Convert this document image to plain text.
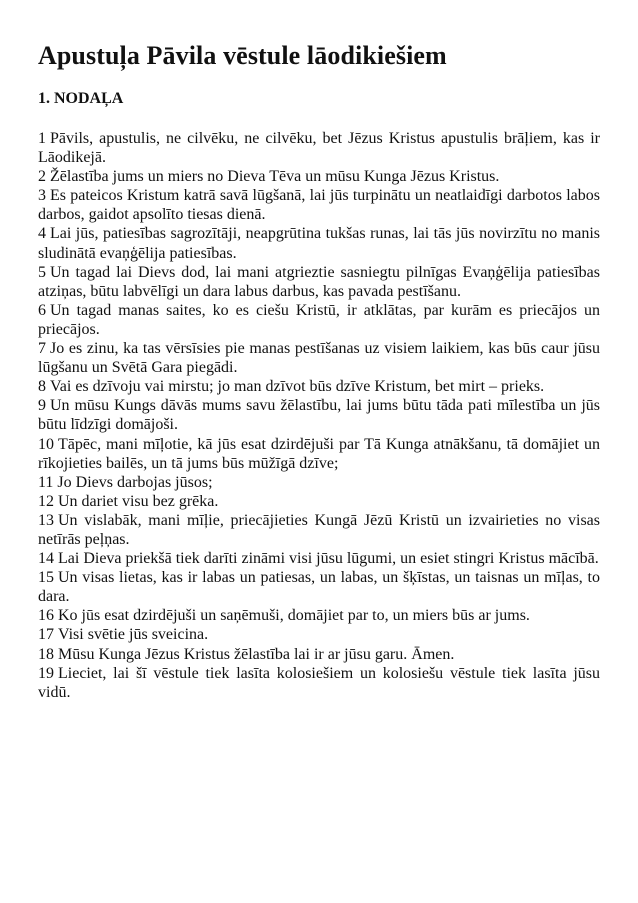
Apustuļa Pāvila vēstule lāodikiešiem
1. NODAĻA

1 Pāvils, apustulis, ne cilvēku, ne cilvēku, bet Jēzus Kristus apustulis brāļiem, kas ir Lāodikejā.

2 Žēlastība jums un miers no Dieva Tēva un mūsu Kunga Jēzus Kristus.

3 Es pateicos Kristum katrā savā lūgšanā, lai jūs turpinātu un neatlaidīgi darbotos labos darbos, gaidot apsolīto tiesas dienā.

4 Lai jūs, patiesības sagrozītāji, neapgrūtina tukšas runas, lai tās jūs novirzītu no manis sludinātā evaņģēlija patiesības.

5 Un tagad lai Dievs dod, lai mani atgrieztie sasniegtu pilnīgas Evaņģēlija patiesības atziņas, būtu labvēlīgi un dara labus darbus, kas pavada pestīšanu.

6 Un tagad manas saites, ko es ciešu Kristū, ir atklātas, par kurām es priecājos un priecājos.

7 Jo es zinu, ka tas vērsīsies pie manas pestīšanas uz visiem laikiem, kas būs caur jūsu lūgšanu un Svētā Gara piegādi.

8 Vai es dzīvoju vai mirstu; jo man dzīvot būs dzīve Kristum, bet mirt – prieks.

9 Un mūsu Kungs dāvās mums savu žēlastību, lai jums būtu tāda pati mīlestība un jūs būtu līdzīgi domājoši.

10 Tāpēc, mani mīļotie, kā jūs esat dzirdējuši par Tā Kunga atnākšanu, tā domājiet un rīkojieties bailēs, un tā jums būs mūžīgā dzīve;

11 Jo Dievs darbojas jūsos;

12 Un dariet visu bez grēka.

13 Un vislabāk, mani mīļie, priecājieties Kungā Jēzū Kristū un izvairieties no visas netīrās peļņas.

14 Lai Dieva priekšā tiek darīti zināmi visi jūsu lūgumi, un esiet stingri Kristus mācībā.

15 Un visas lietas, kas ir labas un patiesas, un labas, un šķīstas, un taisnas un mīļas, to dara.

16 Ko jūs esat dzirdējuši un saņēmuši, domājiet par to, un miers būs ar jums.

17 Visi svētie jūs sveicina.

18 Mūsu Kunga Jēzus Kristus žēlastība lai ir ar jūsu garu. Āmen.

19 Lieciet, lai šī vēstule tiek lasīta kolosiešiem un kolosiešu vēstule tiek lasīta jūsu vidū.
